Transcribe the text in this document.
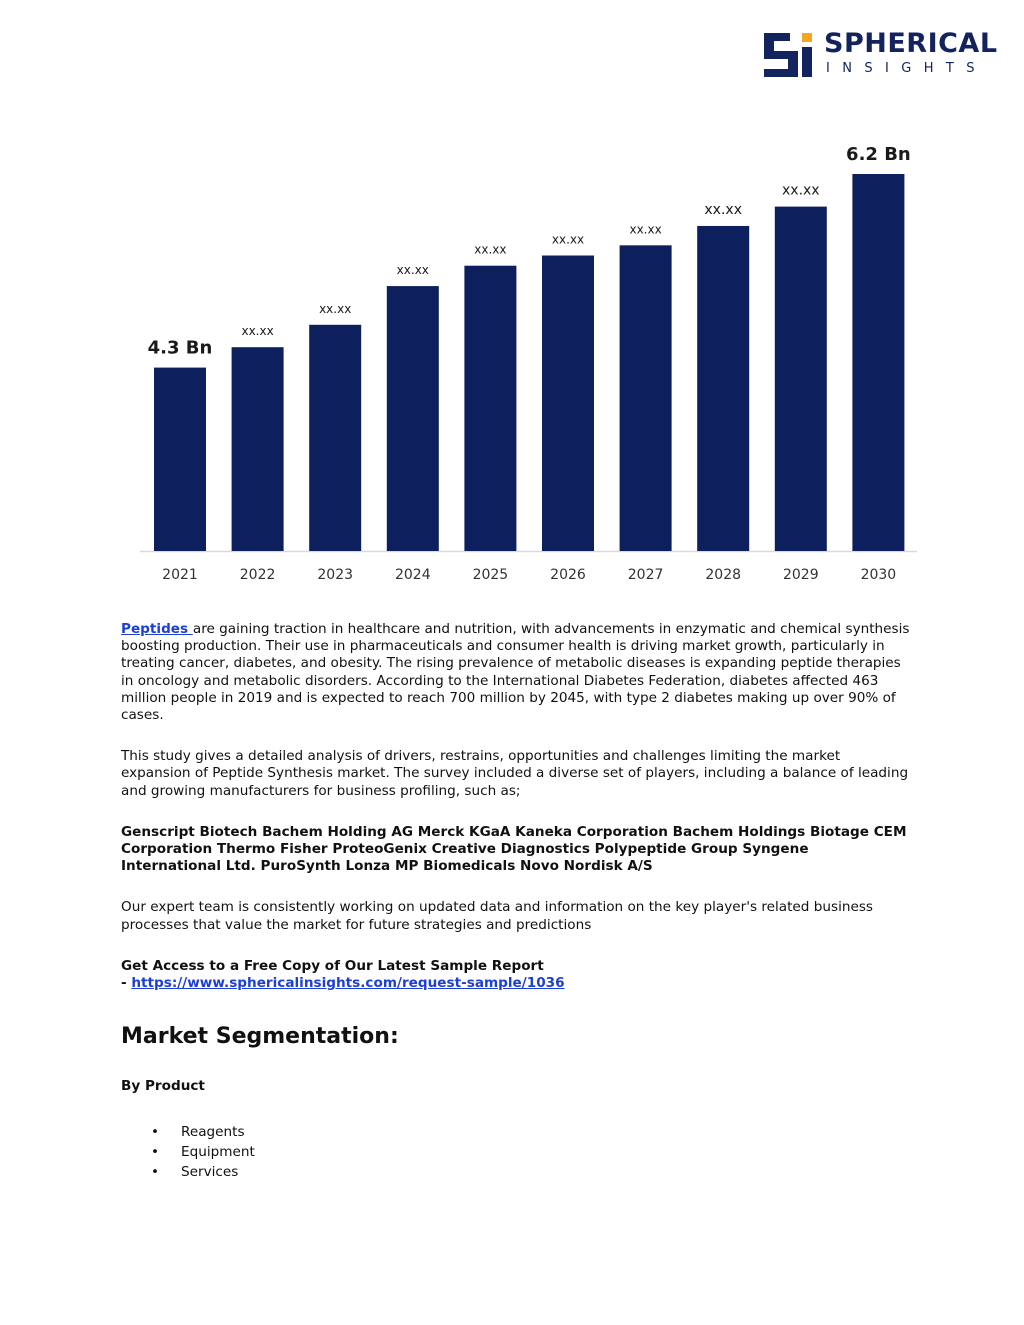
SPHERICAL
INSIGHTS
4.3 Bn
2021
xx.xx
2022
xx.xx
2023
xx.xx
2024
xx.xx
2025
xx.xx
2026
xx.xx
2027
xx.xx
2028
xx.xx
2029
6.2 Bn
2030

Peptides are gaining traction in healthcare and nutrition, with advancements in enzymatic and chemical synthesis boosting production. Their use in pharmaceuticals and consumer health is driving market growth, particularly in treating cancer, diabetes, and obesity. The rising prevalence of metabolic diseases is expanding peptide therapies in oncology and metabolic disorders. According to the International Diabetes Federation, diabetes affected 463 million people in 2019 and is expected to reach 700 million by 2045, with type 2 diabetes making up over 90% of cases.

This study gives a detailed analysis of drivers, restrains, opportunities and challenges limiting the market expansion of Peptide Synthesis market. The survey included a diverse set of players, including a balance of leading and growing manufacturers for business profiling, such as;

Genscript Biotech Bachem Holding AG Merck KGaA Kaneka Corporation Bachem Holdings Biotage CEM Corporation Thermo Fisher ProteoGenix Creative Diagnostics Polypeptide Group Syngene International Ltd. PuroSynth Lonza MP Biomedicals Novo Nordisk A/S

Our expert team is consistently working on updated data and information on the key player's related business processes that value the market for future strategies and predictions

Get Access to a Free Copy of Our Latest Sample Report
- https://www.sphericalinsights.com/request-sample/1036

Market Segmentation:

By Product

• Reagents
• Equipment
• Services
